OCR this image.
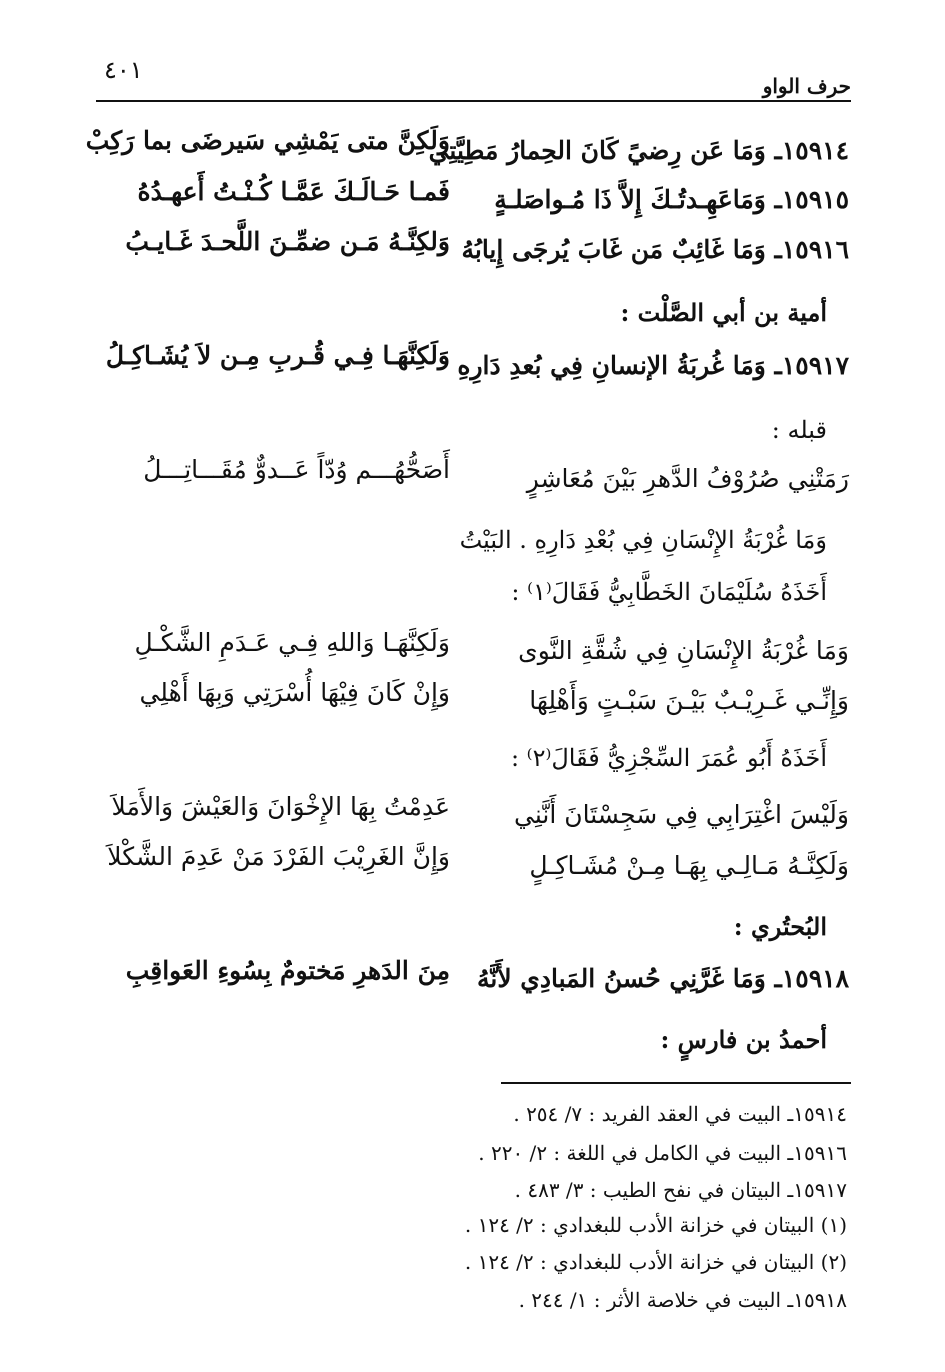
حرف الواو
٤٠١
١٥٩١٤ـ وَمَا عَن رِضيً كَانَ الحِمارُ مَطِيَّتِي
وَلَكِنَّ متى يَمْشِي سَيرضَى بما رَكِبْ
١٥٩١٥ـ وَمَاعَهِـدتُـكَ إِلاَّ ذَا مُـواصَلـةٍ
فَمـا حَـالَـكَ عَمَّـا كُـنْـتُ أَعهـدُهُ
١٥٩١٦ـ وَمَا غَائِبٌ مَن غَابَ يُرجَى إِيابُهُ
وَلكِنَّـهُ مَـن ضمِّـنَ اللَّحـدَ غَـايـبُ
أمية بن أبي الصَّلْت :
١٥٩١٧ـ وَمَا غُربَةُ الإنسانِ فِي بُعدِ دَارِهِ
وَلَكِنَّهَـا فِـي قُـربِ مِـن لاَ يُشَـاكِـلُ
قبله :
رَمَتْنِي صُرُوْفُ الدَّهرِ بَيْنَ مُعَاشِرٍ
أَصَحُّهُـــم وُدّاً عَــدوٌّ مُقَـــاتِـــلُ
وَمَا غُرْبَةُ الإِنْسَانِ فِي بُعْدِ دَارِهِ . البَيْتُ
أَخَذَهُ سُلَيْمَانَ الخَطَّابِيُّ فَقَالَ⁽١⁾ :
وَمَا غُرْبَةُ الإِنْسَانِ فِي شُقَّةِ النَّوى
وَلَكِنَّهَـا وَاللهِ فِـي عَـدَمِ الشَّكْـلِ
وَإِنِّـي غَـرِيْـبٌ بَيْـنَ سَبْـتٍ وَأَهْلِهَا
وَإِنْ كَانَ فِيْهَا أُسْرَتِي وَبِهَا أَهْلِي
أَخَذَهُ أَبُو عُمَرَ السِّجْزِيُّ فَقَالَ⁽٢⁾ :
وَلَيْسَ اغْتِرَابِي فِي سَجِسْتَانَ أَنَّنِي
عَدِمْتُ بِهَا الإِخْوَانَ وَالعَيْشَ وَالأَمَلاَ
وَلَكِنَّـهُ مَـالِـي بِهَـا مِـنْ مُشَـاكِـلٍ
وَإِنَّ الغَرِيْبَ الفَرْدَ مَنْ عَدِمَ الشَّكْلاَ
البُحتُري :
١٥٩١٨ـ وَمَا غَرَّنِي حُسنُ المَبادِي لأَنَّهُ
مِنَ الدَهرِ مَختومٌ بِسُوءِ العَواقِبِ
أحمدُ بن فارسٍ :
١٥٩١٤ـ البيت في العقد الفريد : ٧/ ٢٥٤ .
١٥٩١٦ـ البيت في الكامل في اللغة : ٢/ ٢٢٠ .
١٥٩١٧ـ البيتان في نفح الطيب : ٣/ ٤٨٣ .
(١) البيتان في خزانة الأدب للبغدادي : ٢/ ١٢٤ .
(٢) البيتان في خزانة الأدب للبغدادي : ٢/ ١٢٤ .
١٥٩١٨ـ البيت في خلاصة الأثر : ١/ ٢٤٤ .
